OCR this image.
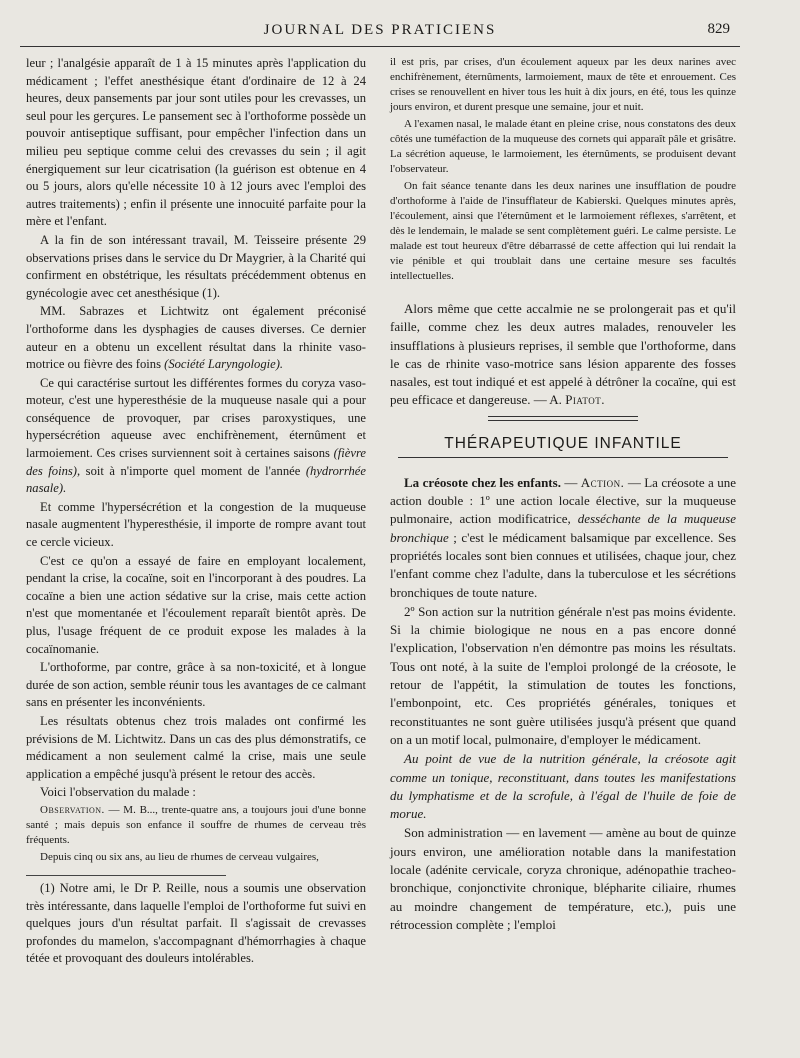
JOURNAL DES PRATICIENS	829

leur ; l'analgésie apparaît de 1 à 15 minutes après l'application du médicament ; l'effet anesthésique étant d'ordinaire de 12 à 24 heures, deux pansements par jour sont utiles pour les crevasses, un seul pour les gerçures. Le pansement sec à l'orthoforme possède un pouvoir antiseptique suffisant, pour empêcher l'infection dans un milieu peu septique comme celui des crevasses du sein ; il agit énergiquement sur leur cicatrisation (la guérison est obtenue en 4 ou 5 jours, alors qu'elle nécessite 10 à 12 jours avec l'emploi des autres traitements) ; enfin il présente une innocuité parfaite pour la mère et l'enfant.

A la fin de son intéressant travail, M. Teisseire présente 29 observations prises dans le service du Dr Maygrier, à la Charité qui confirment en obstétrique, les résultats précédemment obtenus en gynécologie avec cet anesthésique (1).

MM. Sabrazes et Lichtwitz ont également préconisé l'orthoforme dans les dysphagies de causes diverses. Ce dernier auteur en a obtenu un excellent résultat dans la rhinite vaso-motrice ou fièvre des foins (Société Laryngologie).

Ce qui caractérise surtout les différentes formes du coryza vaso-moteur, c'est une hyperesthésie de la muqueuse nasale qui a pour conséquence de provoquer, par crises paroxystiques, une hypersécrétion aqueuse avec enchifrènement, éternûment et larmoiement. Ces crises surviennent soit à certaines saisons (fièvre des foins), soit à n'importe quel moment de l'année (hydrorrhée nasale).

Et comme l'hypersécrétion et la congestion de la muqueuse nasale augmentent l'hyperesthésie, il importe de rompre avant tout ce cercle vicieux.

C'est ce qu'on a essayé de faire en employant localement, pendant la crise, la cocaïne, soit en l'incorporant à des poudres. La cocaïne a bien une action sédative sur la crise, mais cette action n'est que momentanée et l'écoulement reparaît bientôt après. De plus, l'usage fréquent de ce produit expose les malades à la cocaïnomanie.

L'orthoforme, par contre, grâce à sa non-toxicité, et à longue durée de son action, semble réunir tous les avantages de ce calmant sans en présenter les inconvénients.

Les résultats obtenus chez trois malades ont confirmé les prévisions de M. Lichtwitz. Dans un cas des plus démonstratifs, ce médicament a non seulement calmé la crise, mais une seule application a empêché jusqu'à présent le retour des accès.

Voici l'observation du malade :

Observation. — M. B..., trente-quatre ans, a toujours joui d'une bonne santé ; mais depuis son enfance il souffre de rhumes de cerveau très fréquents.

Depuis cinq ou six ans, au lieu de rhumes de cerveau vulgaires,

(1) Notre ami, le Dr P. Reille, nous a soumis une observation très intéressante, dans laquelle l'emploi de l'orthoforme fut suivi en quelques jours d'un résultat parfait. Il s'agissait de crevasses profondes du mamelon, s'accompagnant d'hémorrhagies à chaque tétée et provoquant des douleurs intolérables.

il est pris, par crises, d'un écoulement aqueux par les deux narines avec enchifrènement, éternûments, larmoiement, maux de tête et enrouement. Ces crises se renouvellent en hiver tous les huit à dix jours, en été, tous les quinze jours environ, et durent presque une semaine, jour et nuit.

A l'examen nasal, le malade étant en pleine crise, nous constatons des deux côtés une tuméfaction de la muqueuse des cornets qui apparaît pâle et grisâtre. La sécrétion aqueuse, le larmoiement, les éternûments, se produisent devant l'observateur.

On fait séance tenante dans les deux narines une insufflation de poudre d'orthoforme à l'aide de l'insufflateur de Kabierski. Quelques minutes après, l'écoulement, ainsi que l'éternûment et le larmoiement réflexes, s'arrêtent, et dès le lendemain, le malade se sent complètement guéri. Le calme persiste. Le malade est tout heureux d'être débarrassé de cette affection qui lui rendait la vie pénible et qui troublait dans une certaine mesure ses facultés intellectuelles.

Alors même que cette accalmie ne se prolongerait pas et qu'il faille, comme chez les deux autres malades, renouveler les insufflations à plusieurs reprises, il semble que l'orthoforme, dans le cas de rhinite vaso-motrice sans lésion apparente des fosses nasales, est tout indiqué et est appelé à détrôner la cocaïne, qui est peu efficace et dangereuse. — A. Piatot.

THÉRAPEUTIQUE INFANTILE

La créosote chez les enfants. — Action. — La créosote a une action double : 1º une action locale élective, sur la muqueuse pulmonaire, action modificatrice, desséchante de la muqueuse bronchique ; c'est le médicament balsamique par excellence. Ses propriétés locales sont bien connues et utilisées, chaque jour, chez l'enfant comme chez l'adulte, dans la tuberculose et les sécrétions bronchiques de toute nature.

2º Son action sur la nutrition générale n'est pas moins évidente. Si la chimie biologique ne nous en a pas encore donné l'explication, l'observation n'en démontre pas moins les résultats. Tous ont noté, à la suite de l'emploi prolongé de la créosote, le retour de l'appétit, la stimulation de toutes les fonctions, l'embonpoint, etc. Ces propriétés générales, toniques et reconstituantes ne sont guère utilisées jusqu'à présent que quand on a un motif local, pulmonaire, d'employer le médicament.

Au point de vue de la nutrition générale, la créosote agit comme un tonique, reconstituant, dans toutes les manifestations du lymphatisme et de la scrofule, à l'égal de l'huile de foie de morue.

Son administration — en lavement — amène au bout de quinze jours environ, une amélioration notable dans la manifestation locale (adénite cervicale, coryza chronique, adénopathie tracheo-bronchique, conjonctivite chronique, blépharite ciliaire, rhumes au moindre changement de température, etc.), puis une rétrocession complète ; l'emploi
